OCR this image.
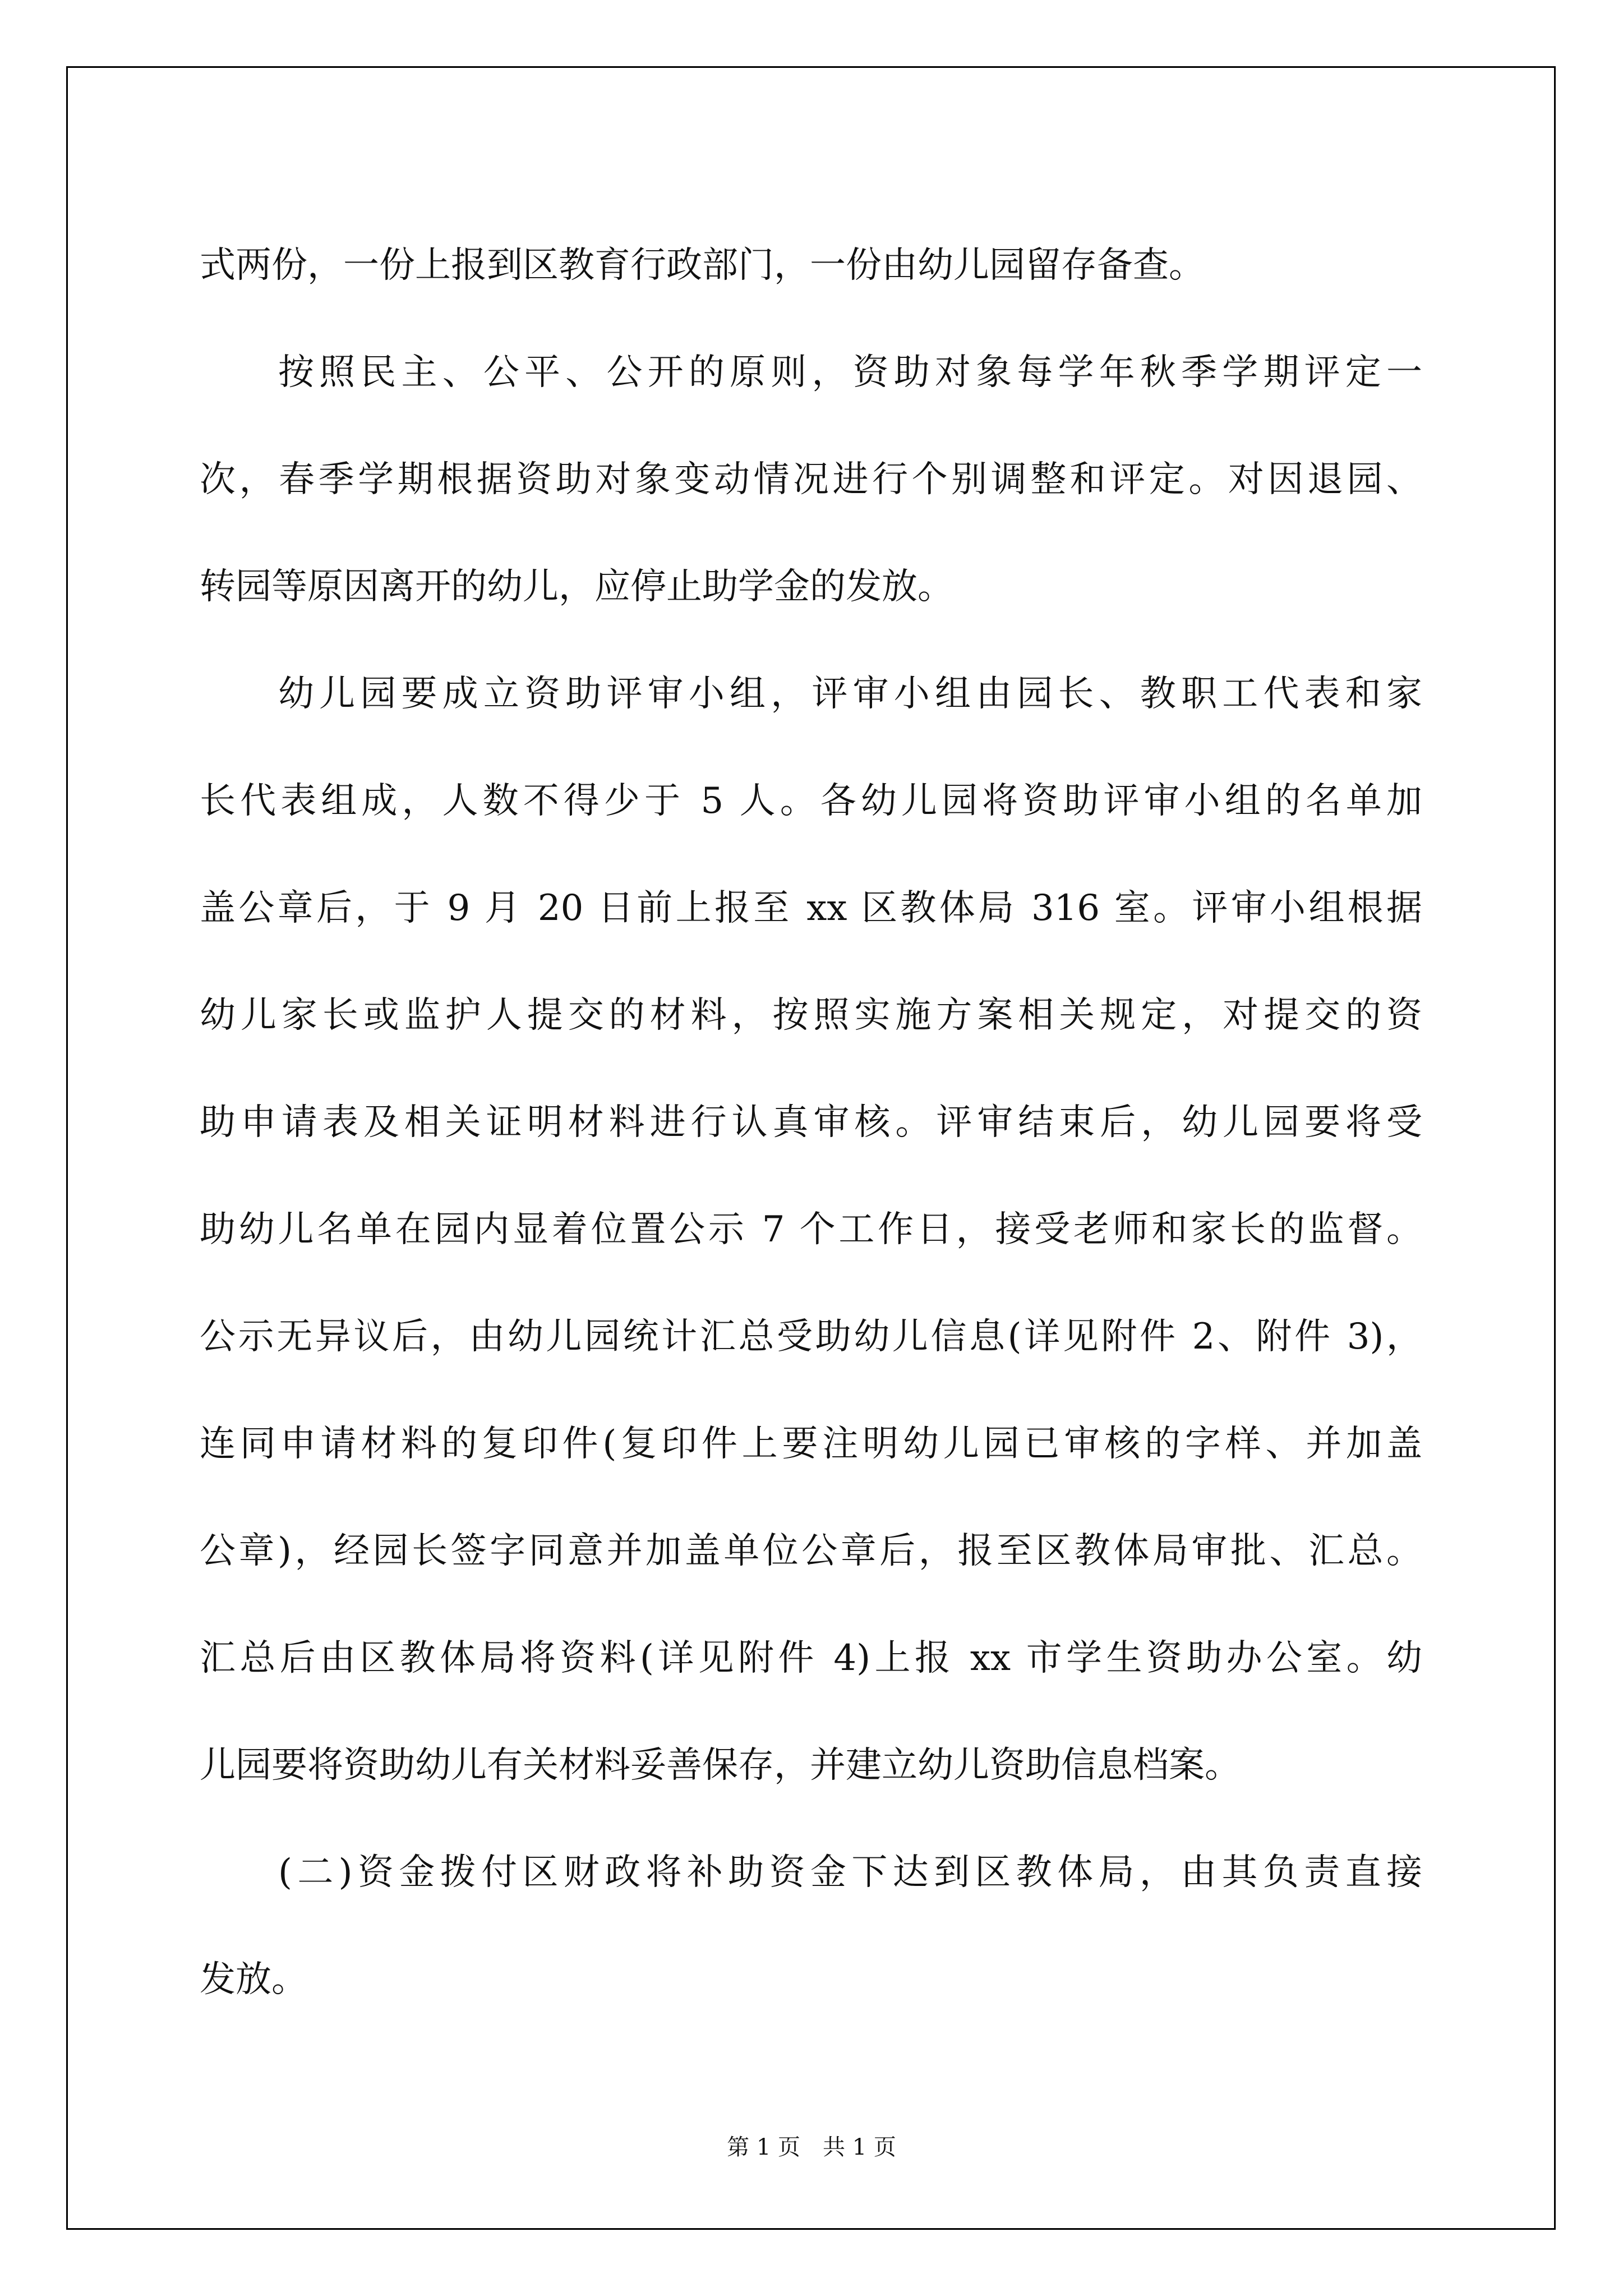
式两份，一份上报到区教育行政部门，一份由幼儿园留存备查。
按照民主、公平、公开的原则，资助对象每学年秋季学期评定一
次，春季学期根据资助对象变动情况进行个别调整和评定。对因退园、
转园等原因离开的幼儿，应停止助学金的发放。
幼儿园要成立资助评审小组，评审小组由园长、教职工代表和家
长代表组成，人数不得少于 5 人。各幼儿园将资助评审小组的名单加
盖公章后，于 9 月 20 日前上报至 xx 区教体局 316 室。评审小组根据
幼儿家长或监护人提交的材料，按照实施方案相关规定，对提交的资
助申请表及相关证明材料进行认真审核。评审结束后，幼儿园要将受
助幼儿名单在园内显着位置公示 7 个工作日，接受老师和家长的监督。
公示无异议后，由幼儿园统计汇总受助幼儿信息(详见附件 2、附件 3)，
连同申请材料的复印件(复印件上要注明幼儿园已审核的字样、并加盖
公章)，经园长签字同意并加盖单位公章后，报至区教体局审批、汇总。
汇总后由区教体局将资料(详见附件 4)上报 xx 市学生资助办公室。幼
儿园要将资助幼儿有关材料妥善保存，并建立幼儿资助信息档案。
(二)资金拨付区财政将补助资金下达到区教体局，由其负责直接
发放。
第 1 页　共 1 页
